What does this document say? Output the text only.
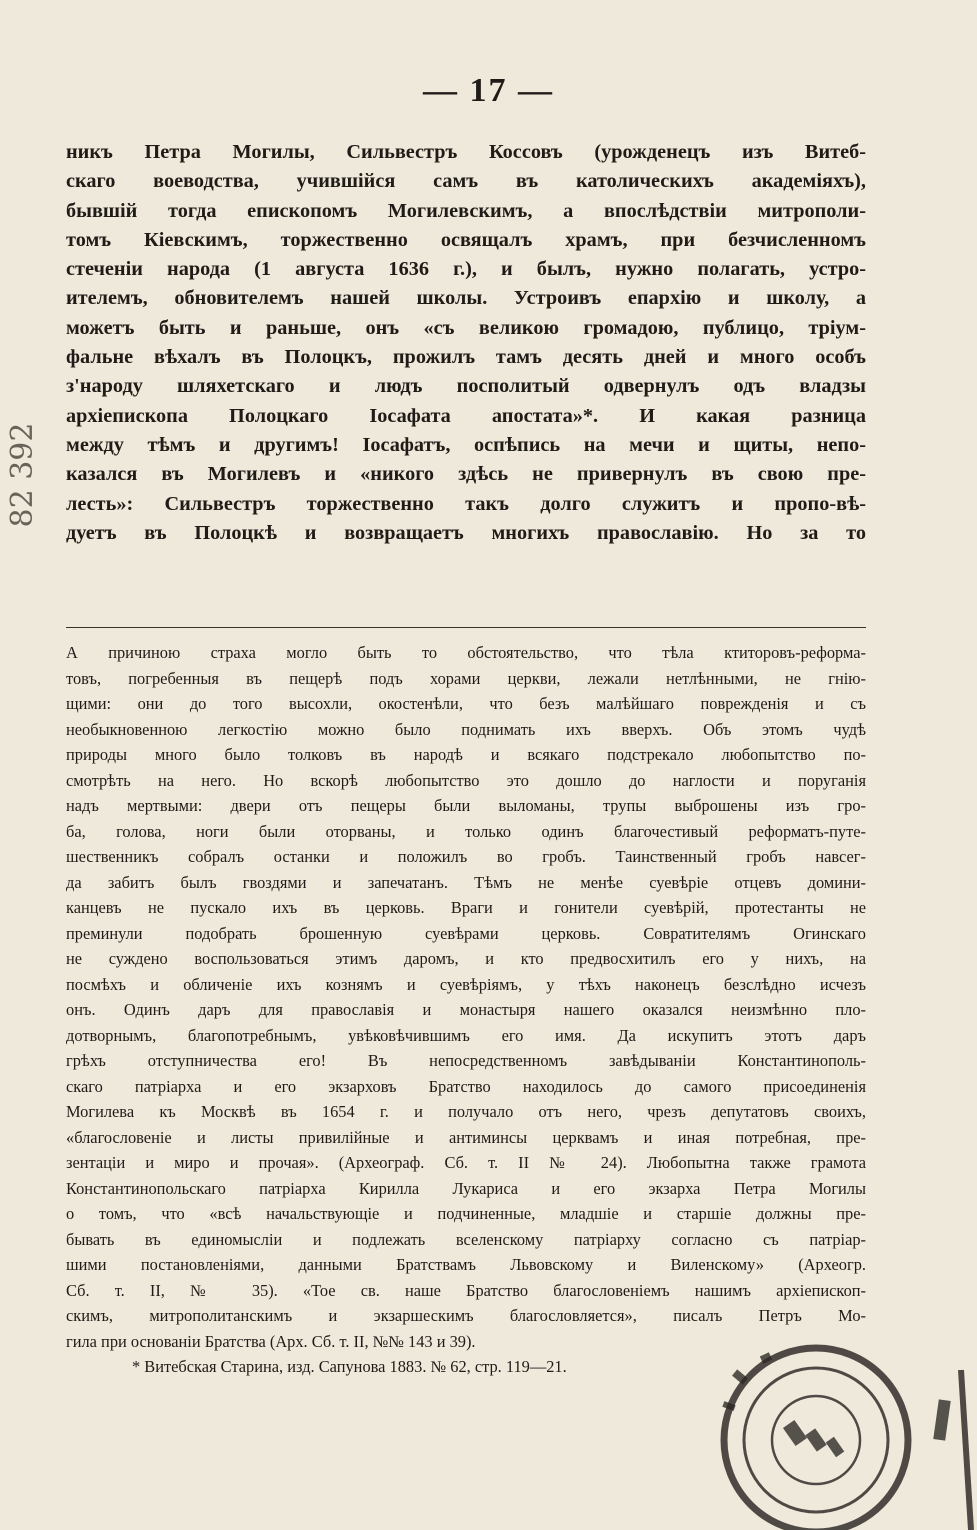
— 17 —
никъ Петра Могилы, Сильвестръ Коссовъ (урожденецъ изъ Витеб-
скаго воеводства, учившійся самъ въ католическихъ академіяхъ),
бывшій тогда епископомъ Могилевскимъ, а впослѣдствіи митрополи-
томъ Кіевскимъ, торжественно освящалъ храмъ, при безчисленномъ
стеченіи народа (1 августа 1636 г.), и былъ, нужно полагать, устро-
ителемъ, обновителемъ нашей школы. Устроивъ епархію и школу, а
можетъ быть и раньше, онъ «съ великою громадою, публицо, тріум-
фальне вѣхалъ въ Полоцкъ, прожилъ тамъ десять дней и много особъ
з'народу шляхетскаго и людъ посполитый одвернулъ одъ владзы
архіепископа Полоцкаго Іосафата апостата»*. И какая разница
между тѣмъ и другимъ! Іосафатъ, оспѣпись на мечи и щиты, непо-
казался въ Могилевъ и «никого здѣсь не привернулъ въ свою пре-
лесть»: Сильвестръ торжественно такъ долго служитъ и пропо-вѣ-
дуетъ въ Полоцкѣ и возвращаетъ многихъ православію. Но за то
А причиною страха могло быть то обстоятельство, что тѣла ктиторовъ-реформа-
товъ, погребенныя въ пещерѣ подъ хорами церкви, лежали нетлѣнными, не гнію-
щими: они до того высохли, окостенѣли, что безъ малѣйшаго поврежденія и съ
необыкновенною легкостію можно было поднимать ихъ вверхъ. Объ этомъ чудѣ
природы много было толковъ въ народѣ и всякаго подстрекало любопытство по-
смотрѣть на него. Но вскорѣ любопытство это дошло до наглости и поруганія
надъ мертвыми: двери отъ пещеры были выломаны, трупы выброшены изъ гро-
ба, голова, ноги были оторваны, и только одинъ благочестивый реформатъ-путе-
шественникъ собралъ останки и положилъ во гробъ. Таинственный гробъ навсег-
да забитъ былъ гвоздями и запечатанъ. Тѣмъ не менѣе суевѣріе отцевъ домини-
канцевъ не пускало ихъ въ церковь. Враги и гонители суевѣрій, протестанты не
преминули подобрать брошенную суевѣрами церковь. Совратителямъ Огинскаго
не суждено воспользоваться этимъ даромъ, и кто предвосхитилъ его у нихъ, на
посмѣхъ и обличеніе ихъ кознямъ и суевѣріямъ, у тѣхъ наконецъ безслѣдно исчезъ
онъ. Одинъ даръ для православія и монастыря нашего оказался неизмѣнно пло-
дотворнымъ, благопотребнымъ, увѣковѣчившимъ его имя. Да искупитъ этотъ даръ
грѣхъ отступничества его! Въ непосредственномъ завѣдываніи Константинополь-
скаго патріарха и его экзарховъ Братство находилось до самого присоединенія
Могилева къ Москвѣ въ 1654 г. и получало отъ него, чрезъ депутатовъ своихъ,
«благословеніе и листы привилійные и антиминсы церквамъ и иная потребная, пре-
зентаціи и миро и прочая». (Археограф. Сб. т. II № 24). Любопытна также грамота
Константинопольскаго патріарха Кирилла Лукариса и его экзарха Петра Могилы
о томъ, что «всѣ начальствующіе и подчиненные, младшіе и старшіе должны пре-
бывать въ единомысліи и подлежать вселенскому патріарху согласно съ патріар-
шими постановленіями, данными Братствамъ Львовскому и Виленскому» (Археогр.
Сб. т. II, № 35). «Тое св. наше Братство благословеніемъ нашимъ архіепископ-
скимъ, митрополитанскимъ и экзаршескимъ благословляется», писалъ Петръ Мо-
гила при основаніи Братства (Арх. Сб. т. II, №№ 143 и 39).
* Витебская Старина, изд. Сапунова 1883. № 62, стр. 119—21.
82 392
